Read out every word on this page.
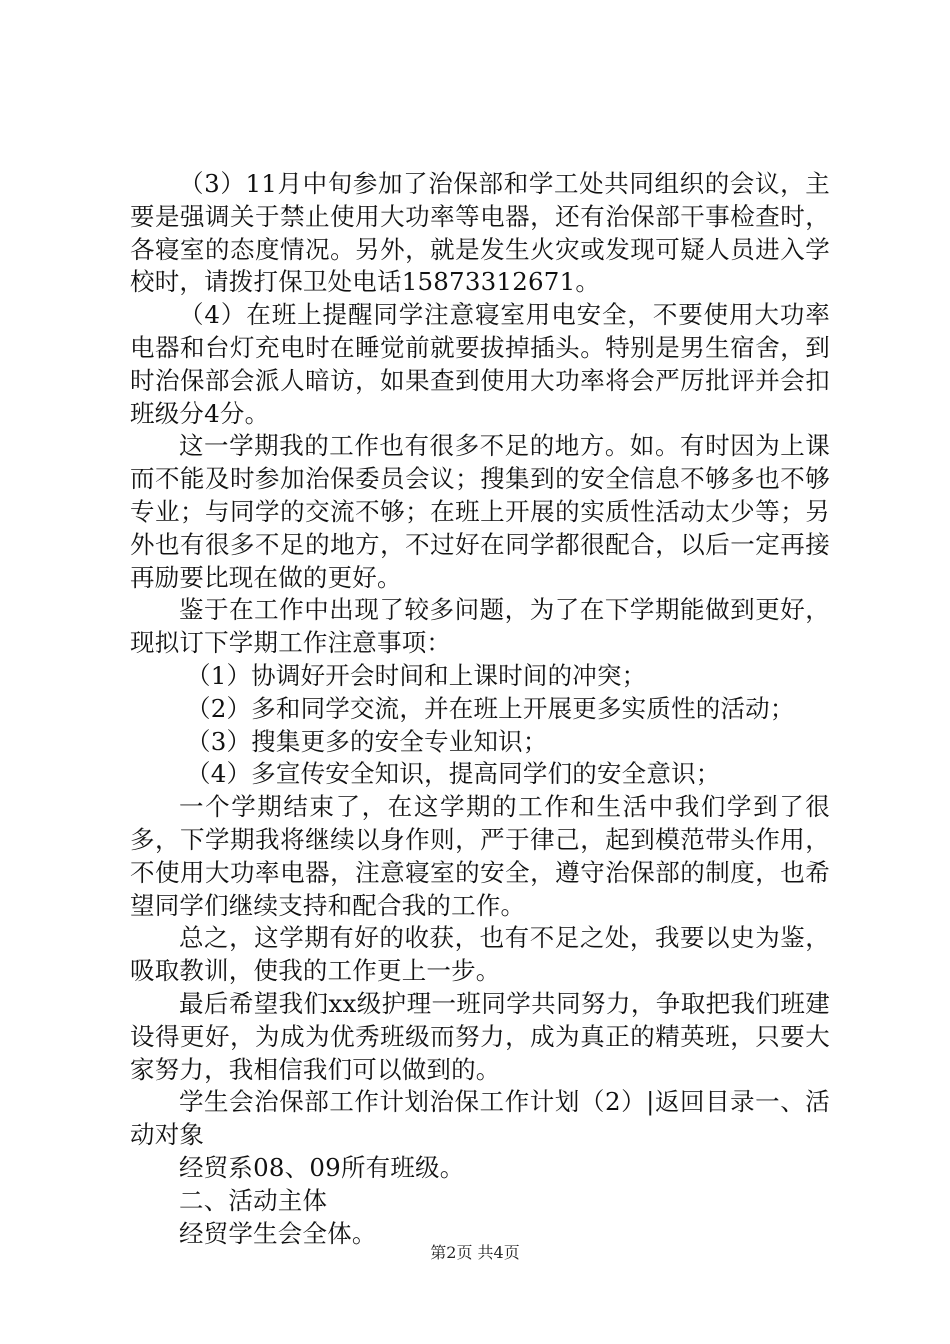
（3）11月中旬参加了治保部和学工处共同组织的会议，主要是强调关于禁止使用大功率等电器，还有治保部干事检查时，各寝室的态度情况。另外，就是发生火灾或发现可疑人员进入学校时，请拨打保卫处电话15873312671。

（4）在班上提醒同学注意寝室用电安全，不要使用大功率电器和台灯充电时在睡觉前就要拔掉插头。特别是男生宿舍，到时治保部会派人暗访，如果查到使用大功率将会严厉批评并会扣班级分4分。

这一学期我的工作也有很多不足的地方。如。有时因为上课而不能及时参加治保委员会议；搜集到的安全信息不够多也不够专业；与同学的交流不够；在班上开展的实质性活动太少等；另外也有很多不足的地方，不过好在同学都很配合，以后一定再接再励要比现在做的更好。

鉴于在工作中出现了较多问题，为了在下学期能做到更好，现拟订下学期工作注意事项：

（1）协调好开会时间和上课时间的冲突；

（2）多和同学交流，并在班上开展更多实质性的活动；

（3）搜集更多的安全专业知识；

（4）多宣传安全知识，提高同学们的安全意识；

一个学期结束了，在这学期的工作和生活中我们学到了很多，下学期我将继续以身作则，严于律己，起到模范带头作用，不使用大功率电器，注意寝室的安全，遵守治保部的制度，也希望同学们继续支持和配合我的工作。

总之，这学期有好的收获，也有不足之处，我要以史为鉴，吸取教训，使我的工作更上一步。

最后希望我们xx级护理一班同学共同努力，争取把我们班建设得更好，为成为优秀班级而努力，成为真正的精英班，只要大家努力，我相信我们可以做到的。

学生会治保部工作计划治保工作计划（2）|返回目录一、活动对象

经贸系08、09所有班级。

二、活动主体

经贸学生会全体。

第2页 共4页
